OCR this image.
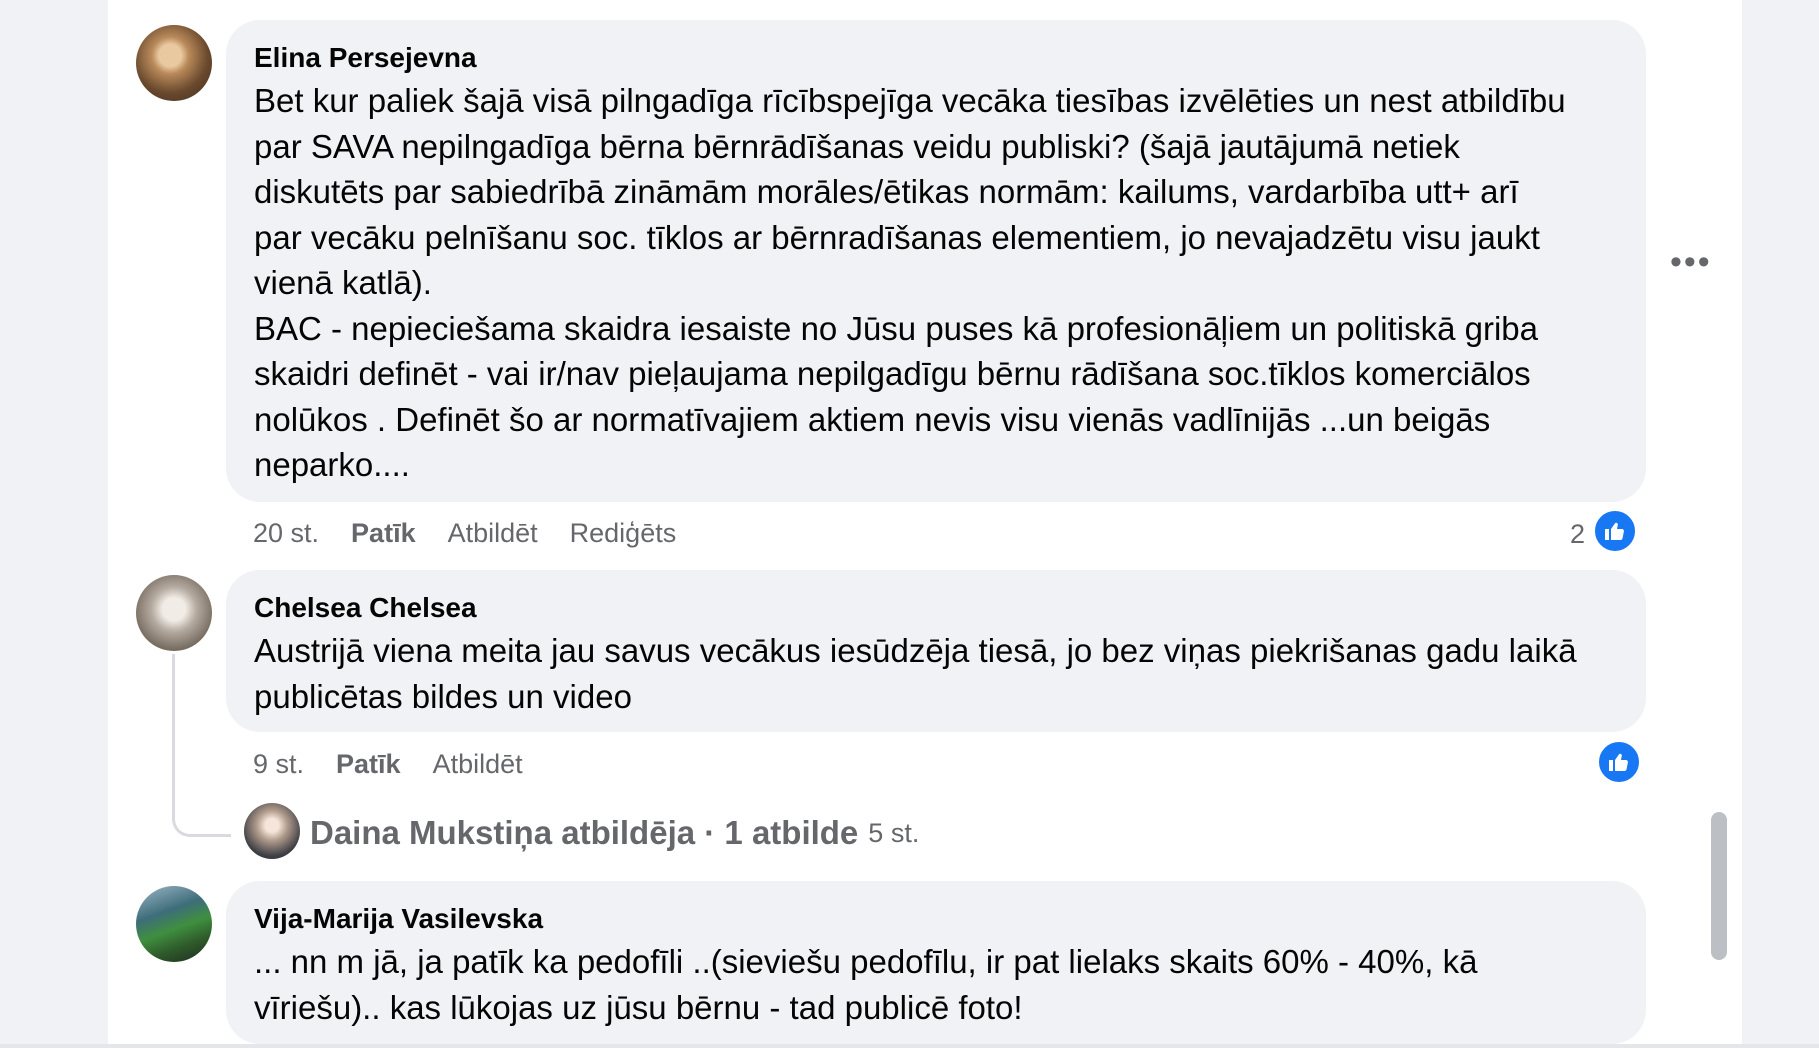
Elina Persejevna
Bet kur paliek šajā visā pilngadīga rīcībspejīga vecāka tiesības izvēlēties un nest atbildību
par SAVA nepilngadīga bērna bērnrādīšanas veidu publiski? (šajā jautājumā netiek
diskutēts par sabiedrībā zināmām morāles/ētikas normām: kailums, vardarbība utt+ arī
par vecāku pelnīšanu soc. tīklos ar bērnradīšanas elementiem, jo nevajadzētu visu jaukt
vienā katlā).
BAC - nepieciešama skaidra iesaiste no Jūsu puses kā profesionāļiem un politiskā griba
skaidri definēt - vai ir/nav pieļaujama nepilgadīgu bērnu rādīšana soc.tīklos komerciālos
nolūkos . Definēt šo ar normatīvajiem aktiem nevis visu vienās vadlīnijās ...un beigās
neparko....
•••
20 st. Patīk Atbildēt Rediģēts	2
Chelsea Chelsea
Austrijā viena meita jau savus vecākus iesūdzēja tiesā, jo bez viņas piekrišanas gadu laikā
publicētas bildes un video
9 st. Patīk Atbildēt
Daina Mukstiņa atbildēja · 1 atbilde 5 st.
Vija-Marija Vasilevska
... nn m jā, ja patīk ka pedofīli ..(sieviešu pedofīlu, ir pat lielaks skaits 60% - 40%, kā
vīriešu).. kas lūkojas uz jūsu bērnu - tad publicē foto!
